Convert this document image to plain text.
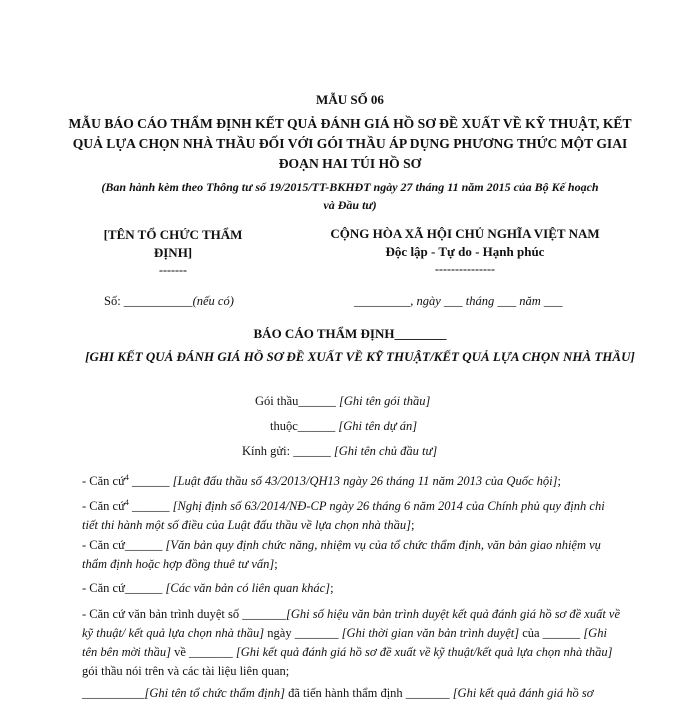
MẪU SỐ 06
MẪU BÁO CÁO THẨM ĐỊNH KẾT QUẢ ĐÁNH GIÁ HỒ SƠ ĐỀ XUẤT VỀ KỸ THUẬT, KẾT QUẢ LỰA CHỌN NHÀ THẦU ĐỐI VỚI GÓI THẦU ÁP DỤNG PHƯƠNG THỨC MỘT GIAI ĐOẠN HAI TÚI HỒ SƠ
(Ban hành kèm theo Thông tư số 19/2015/TT-BKHĐT ngày 27 tháng 11 năm 2015 của Bộ Kế hoạch và Đầu tư)
[TÊN TỔ CHỨC THẨM ĐỊNH]
-------
CỘNG HÒA XÃ HỘI CHỦ NGHĨA VIỆT NAM
Độc lập - Tự do - Hạnh phúc
---------------
Số: ___________(nếu có)	_________, ngày ___ tháng ___ năm ___
BÁO CÁO THẨM ĐỊNH________
[GHI KẾT QUẢ ĐÁNH GIÁ HỒ SƠ ĐỀ XUẤT VỀ KỸ THUẬT/KẾT QUẢ LỰA CHỌN NHÀ THẦU]
Gói thầu______ [Ghi tên gói thầu]
thuộc______ [Ghi tên dự án]
Kính gửi: ______ [Ghi tên chủ đầu tư]
- Căn cứ$^4$ ______ [Luật đấu thầu số 43/2013/QH13 ngày 26 tháng 11 năm 2013 của Quốc hội];
- Căn cứ$^4$ ______ [Nghị định số 63/2014/NĐ-CP ngày 26 tháng 6 năm 2014 của Chính phủ quy định chi tiết thi hành một số điều của Luật đấu thầu về lựa chọn nhà thầu];
- Căn cứ______ [Văn bản quy định chức năng, nhiệm vụ của tổ chức thẩm định, văn bản giao nhiệm vụ thẩm định hoặc hợp đồng thuê tư vấn];
- Căn cứ______ [Các văn bản có liên quan khác];
- Căn cứ văn bản trình duyệt số _______[Ghi số hiệu văn bản trình duyệt kết quả đánh giá hồ sơ đề xuất về kỹ thuật/ kết quả lựa chọn nhà thầu] ngày _______ [Ghi thời gian văn bản trình duyệt] của ______ [Ghi tên bên mời thầu] về _______ [Ghi kết quả đánh giá hồ sơ đề xuất về kỹ thuật/kết quả lựa chọn nhà thầu] gói thầu nói trên và các tài liệu liên quan;
__________[Ghi tên tổ chức thẩm định] đã tiến hành thẩm định _______ [Ghi kết quả đánh giá hồ sơ
